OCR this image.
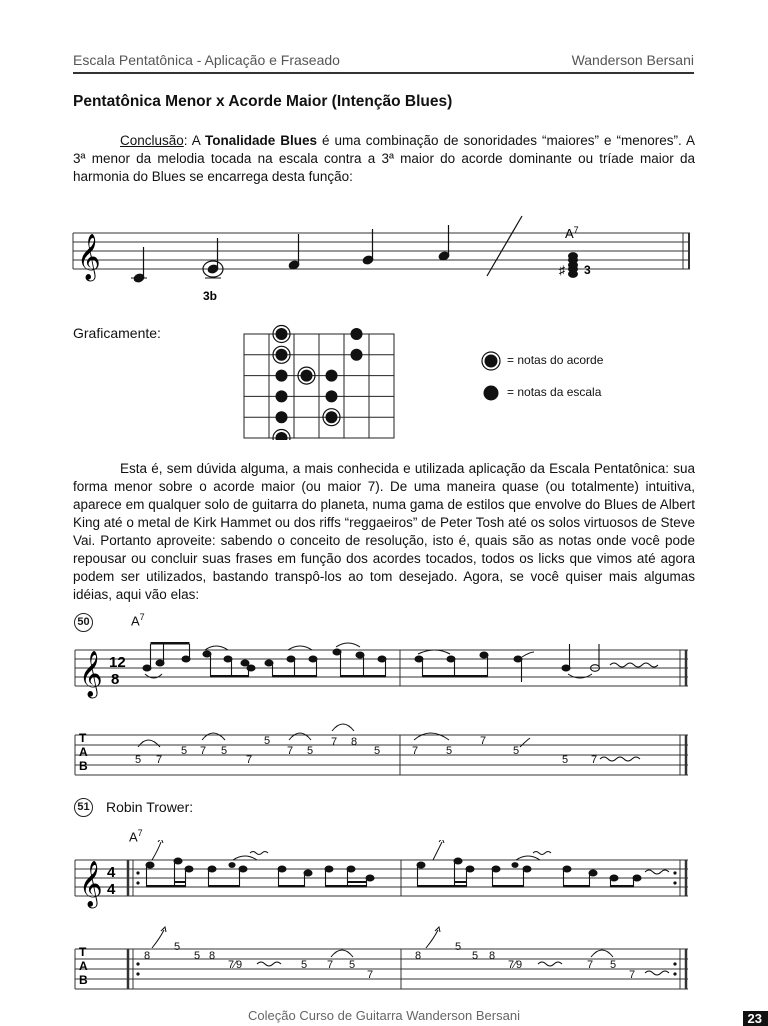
Escala Pentatônica - Aplicação e Fraseado	Wanderson Bersani
Pentatônica Menor x Acorde Maior (Intenção Blues)
Conclusão: A Tonalidade Blues é uma combinação de sonoridades “maiores” e “menores”. A 3ª menor da melodia tocada na escala contra a 3ª maior do acorde dominante ou tríade maior da harmonia do Blues se encarrega desta função:
𝄞	♯
$A^7$
3
3b
Graficamente:
= notas do acorde
= notas da escala
Esta é, sem dúvida alguma, a mais conhecida e utilizada aplicação da Escala Pentatônica: sua forma menor sobre o acorde maior (ou maior 7). De uma maneira quase (ou totalmente) intuitiva, aparece em qualquer solo de guitarra do planeta, numa gama de estilos que envolve do Blues de Albert King até o metal de Kirk Hammet ou dos riffs “reggaeiros” de Peter Tosh até os solos virtuosos de Steve Vai. Portanto aproveite: sabendo o conceito de resolução, isto é, quais são as notas onde você pode repousar ou concluir suas frases em função dos acordes tocados, todos os licks que vimos até agora podem ser utilizados, bastando transpô-los ao tom desejado. Agora, se você quiser mais algumas idéias, aqui vão elas:
50	$A^7$
𝄞 12
8
T
A
B	5 7
5 7 5
7
5
7 5
7 8
5	7	5
7
5
5 7
51 Robin Trower:
$A^7$
𝄞 4
4
T
A
B
8
5
5 8
7⁄9	5 7 5
7
8
5
5 8
7⁄9	7 5
7
Coleção Curso de Guitarra Wanderson Bersani	23
